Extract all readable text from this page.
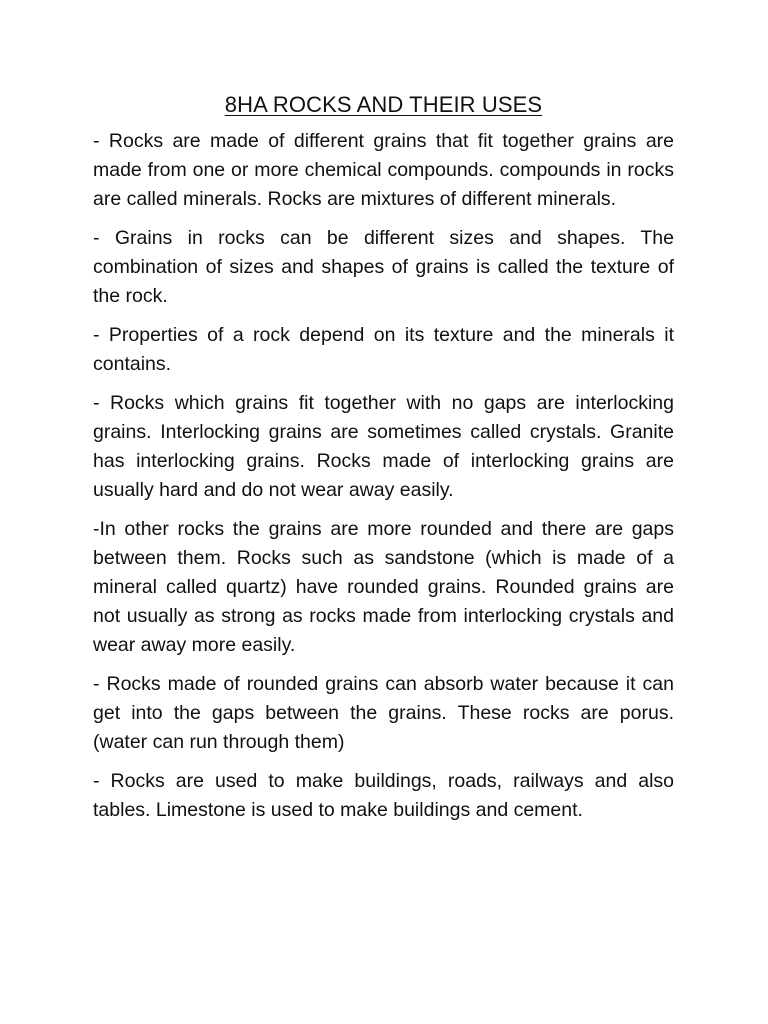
8HA ROCKS AND THEIR USES

- Rocks are made of different grains that fit together grains are made from one or more chemical compounds. compounds in rocks are called minerals. Rocks are mixtures of different minerals.

- Grains in rocks can be different sizes and shapes. The combination of sizes and shapes of grains is called the texture of the rock.

- Properties of a rock depend on its texture and the minerals it contains.

- Rocks which grains fit together with no gaps are interlocking grains. Interlocking grains are sometimes called crystals. Granite has interlocking grains. Rocks made of interlocking grains are usually hard and do not wear away easily.

-In other rocks the grains are more rounded and there are gaps between them. Rocks such as sandstone (which is made of a mineral called quartz) have rounded grains. Rounded grains are not usually as strong as rocks made from interlocking crystals and wear away more easily.

- Rocks made of rounded grains can absorb water because it can get into the gaps between the grains. These rocks are porus. (water can run through them)

- Rocks are used to make buildings, roads, railways and also tables. Limestone is used to make buildings and cement.
